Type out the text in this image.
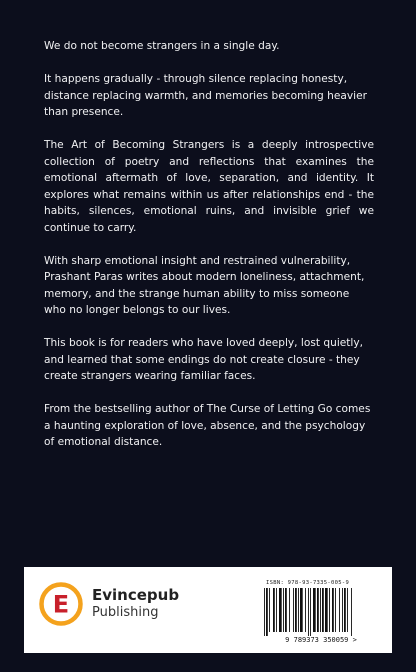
We do not become strangers in a single day.

It happens gradually - through silence replacing honesty, distance replacing warmth, and memories becoming heavier than presence.

The Art of Becoming Strangers is a deeply introspective collection of poetry and reflections that examines the emotional aftermath of love, separation, and identity. It explores what remains within us after relationships end - the habits, silences, emotional ruins, and invisible grief we continue to carry.

With sharp emotional insight and restrained vulnerability, Prashant Paras writes about modern loneliness, attachment, memory, and the strange human ability to miss someone who no longer belongs to our lives.

This book is for readers who have loved deeply, lost quietly, and learned that some endings do not create closure - they create strangers wearing familiar faces.

From the bestselling author of The Curse of Letting Go comes a haunting exploration of love, absence, and the psychology of emotional distance.

E Evincepub
Publishing
ISBN: 978-93-7335-005-9
9 789373 350059 >
